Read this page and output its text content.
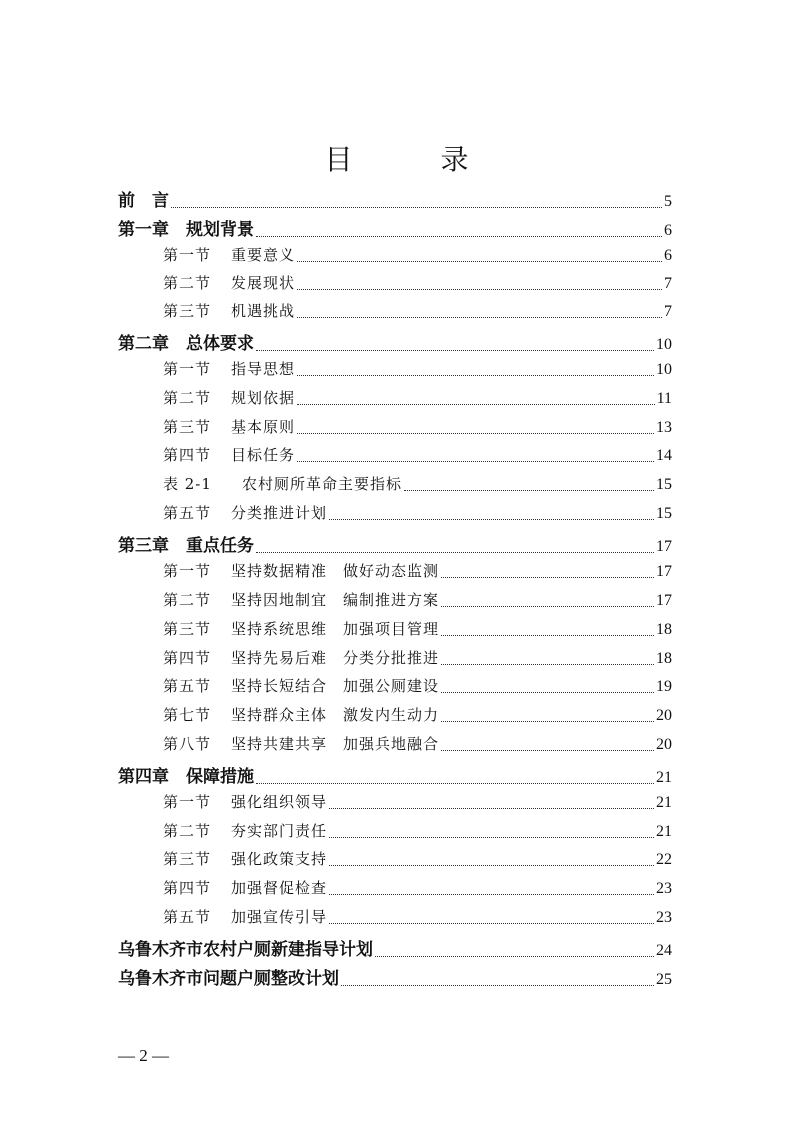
目　录
前　言	5
第一章　规划背景	6
第一节 重要意义	6
第二节 发展现状	7
第三节 机遇挑战	7
第二章　总体要求	10
第一节 指导思想	10
第二节 规划依据	11
第三节 基本原则	13
第四节 目标任务	14
表 2-1 农村厕所革命主要指标	15
第五节 分类推进计划	15
第三章　重点任务	17
第一节 坚持数据精准　做好动态监测	17
第二节 坚持因地制宜　编制推进方案	17
第三节 坚持系统思维　加强项目管理	18
第四节 坚持先易后难　分类分批推进	18
第五节 坚持长短结合　加强公厕建设	19
第七节 坚持群众主体　激发内生动力	20
第八节 坚持共建共享　加强兵地融合	20
第四章　保障措施	21
第一节 强化组织领导	21
第二节 夯实部门责任	21
第三节 强化政策支持	22
第四节 加强督促检查	23
第五节 加强宣传引导	23
乌鲁木齐市农村户厕新建指导计划	24
乌鲁木齐市问题户厕整改计划	25
— 2 —
